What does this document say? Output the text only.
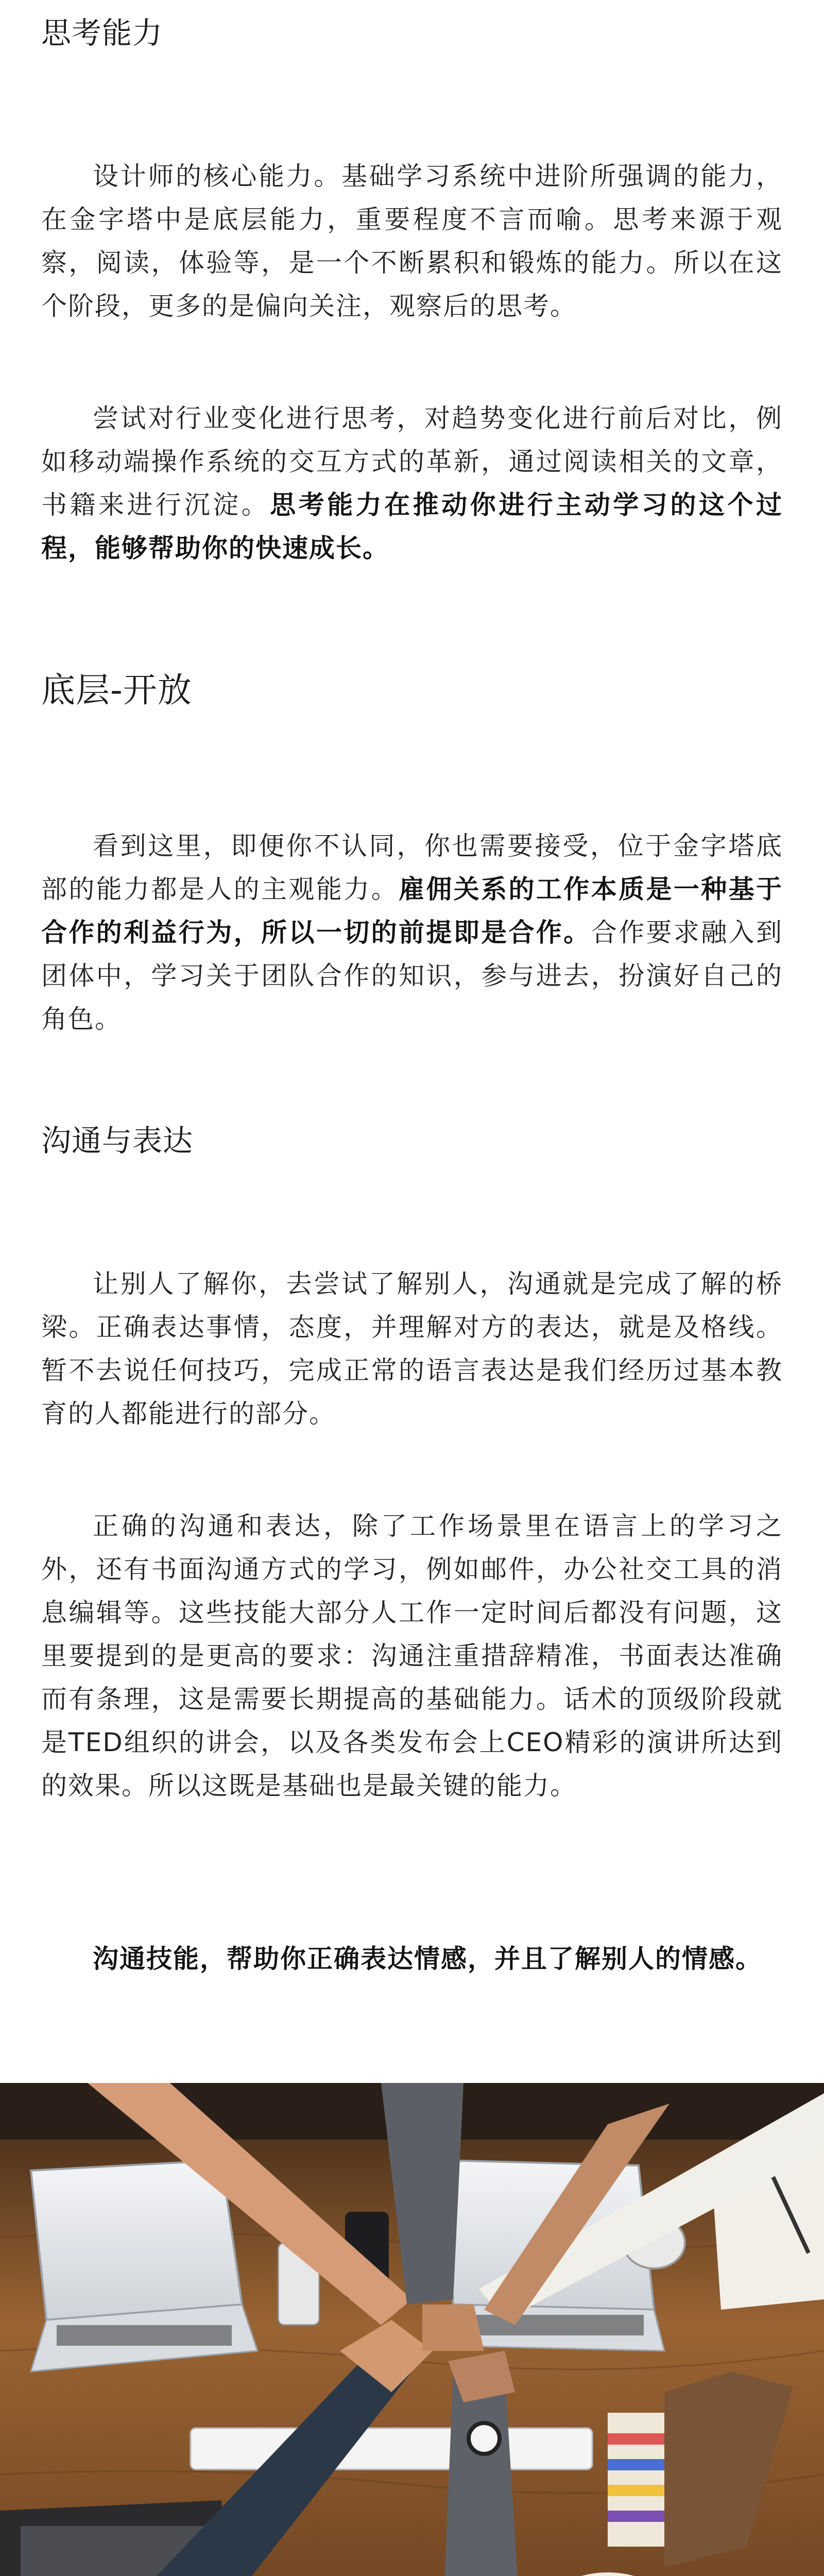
思考能力

设计师的核心能力。基础学习系统中进阶所强调的能力，在金字塔中是底层能力，重要程度不言而喻。思考来源于观察，阅读，体验等，是一个不断累积和锻炼的能力。所以在这个阶段，更多的是偏向关注，观察后的思考。

尝试对行业变化进行思考，对趋势变化进行前后对比，例如移动端操作系统的交互方式的革新，通过阅读相关的文章，书籍来进行沉淀。思考能力在推动你进行主动学习的这个过程，能够帮助你的快速成长。

底层-开放

看到这里，即便你不认同，你也需要接受，位于金字塔底部的能力都是人的主观能力。雇佣关系的工作本质是一种基于合作的利益行为，所以一切的前提即是合作。合作要求融入到团体中，学习关于团队合作的知识，参与进去，扮演好自己的角色。

沟通与表达

让别人了解你，去尝试了解别人，沟通就是完成了解的桥梁。正确表达事情，态度，并理解对方的表达，就是及格线。暂不去说任何技巧，完成正常的语言表达是我们经历过基本教育的人都能进行的部分。

正确的沟通和表达，除了工作场景里在语言上的学习之外，还有书面沟通方式的学习，例如邮件，办公社交工具的消息编辑等。这些技能大部分人工作一定时间后都没有问题，这里要提到的是更高的要求：沟通注重措辞精准，书面表达准确而有条理，这是需要长期提高的基础能力。话术的顶级阶段就是TED组织的讲会，以及各类发布会上CEO精彩的演讲所达到的效果。所以这既是基础也是最关键的能力。

沟通技能，帮助你正确表达情感，并且了解别人的情感。
